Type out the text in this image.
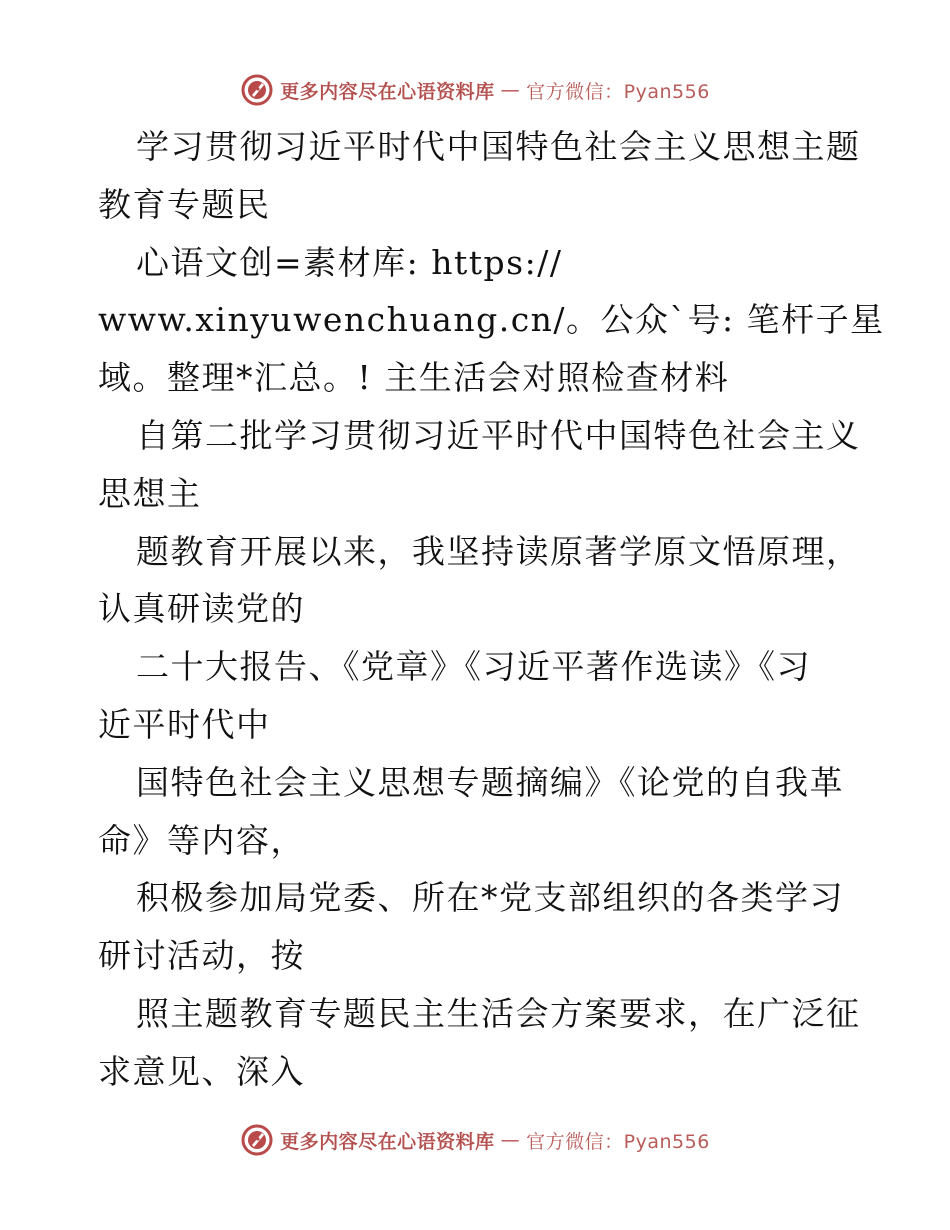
更多内容尽在心语资料库 — 官方微信：Pyan556
学习贯彻习近平时代中国特色社会主义思想主题
教育专题民
心语文创=素材库: https://
www.xinyuwenchuang.cn/。公众`号: 笔杆子星
域。整理*汇总。! 主生活会对照检查材料
自第二批学习贯彻习近平时代中国特色社会主义
思想主
题教育开展以来，我坚持读原著学原文悟原理，
认真研读党的
二十大报告、《党章》《习近平著作选读》《习
近平时代中
国特色社会主义思想专题摘编》《论党的自我革
命》等内容，
积极参加局党委、所在*党支部组织的各类学习
研讨活动，按
照主题教育专题民主生活会方案要求，在广泛征
求意见、深入
更多内容尽在心语资料库 — 官方微信：Pyan556
